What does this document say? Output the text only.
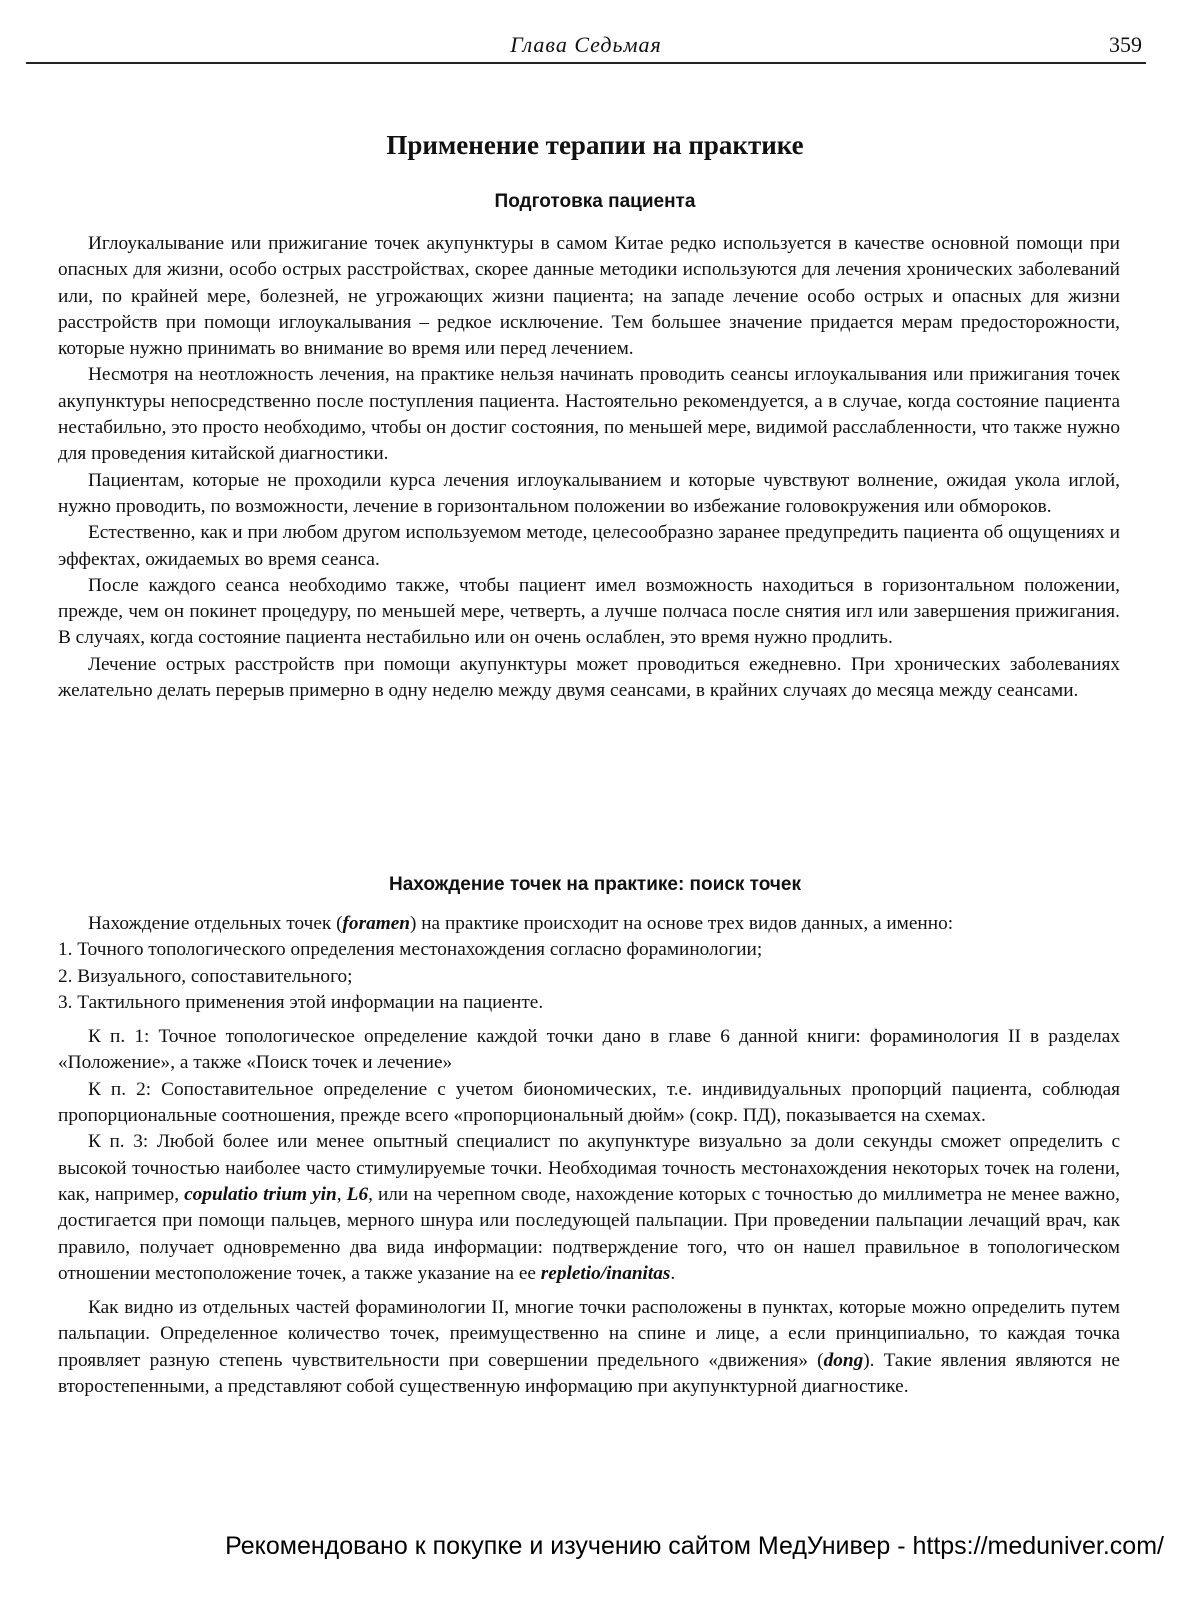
Глава Седьмая	359
Применение терапии на практике
Подготовка пациента

Иглоукалывание или прижигание точек акупунктуры в самом Китае редко используется в качестве основной помощи при опасных для жизни, особо острых расстройствах, скорее данные методики используются для лечения хронических заболеваний или, по крайней мере, болезней, не угрожающих жизни пациента; на западе лечение особо острых и опасных для жизни расстройств при помощи иглоукалывания – редкое исключение. Тем большее значение придается мерам предосторожности, которые нужно принимать во внимание во время или перед лечением.

Несмотря на неотложность лечения, на практике нельзя начинать проводить сеансы иглоукалывания или прижигания точек акупунктуры непосредственно после поступления пациента. Настоятельно рекомендуется, а в случае, когда состояние пациента нестабильно, это просто необходимо, чтобы он достиг состояния, по меньшей мере, видимой расслабленности, что также нужно для проведения китайской диагностики.

Пациентам, которые не проходили курса лечения иглоукалыванием и которые чувствуют волнение, ожидая укола иглой, нужно проводить, по возможности, лечение в горизонтальном положении во избежание головокружения или обмороков.

Естественно, как и при любом другом используемом методе, целесообразно заранее предупредить пациента об ощущениях и эффектах, ожидаемых во время сеанса.

После каждого сеанса необходимо также, чтобы пациент имел возможность находиться в горизонтальном положении, прежде, чем он покинет процедуру, по меньшей мере, четверть, а лучше полчаса после снятия игл или завершения прижигания. В случаях, когда состояние пациента нестабильно или он очень ослаблен, это время нужно продлить.

Лечение острых расстройств при помощи акупунктуры может проводиться ежедневно. При хронических заболеваниях желательно делать перерыв примерно в одну неделю между двумя сеансами, в крайних случаях до месяца между сеансами.

Нахождение точек на практике: поиск точек

Нахождение отдельных точек (foramen) на практике происходит на основе трех видов данных, а именно:

1. Точного топологического определения местонахождения согласно фораминологии;

2. Визуального, сопоставительного;

3. Тактильного применения этой информации на пациенте.

К п. 1: Точное топологическое определение каждой точки дано в главе 6 данной книги: фораминология II в разделах «Положение», а также «Поиск точек и лечение»

К п. 2: Сопоставительное определение с учетом биономических, т.е. индивидуальных пропорций пациента, соблюдая пропорциональные соотношения, прежде всего «пропорциональный дюйм» (сокр. ПД), показывается на схемах.

К п. 3: Любой более или менее опытный специалист по акупунктуре визуально за доли секунды сможет определить с высокой точностью наиболее часто стимулируемые точки. Необходимая точность местонахождения некоторых точек на голени, как, например, copulatio trium yin, L6, или на черепном своде, нахождение которых с точностью до миллиметра не менее важно, достигается при помощи пальцев, мерного шнура или последующей пальпации. При проведении пальпации лечащий врач, как правило, получает одновременно два вида информации: подтверждение того, что он нашел правильное в топологическом отношении местоположение точек, а также указание на ее repletio/inanitas.

Как видно из отдельных частей фораминологии II, многие точки расположены в пунктах, которые можно определить путем пальпации. Определенное количество точек, преимущественно на спине и лице, а если принципиально, то каждая точка проявляет разную степень чувствительности при совершении предельного «движения» (dong). Такие явления являются не второстепенными, а представляют собой существенную информацию при акупунктурной диагностике.

Рекомендовано к покупке и изучению сайтом МедУнивер - https://meduniver.com/
